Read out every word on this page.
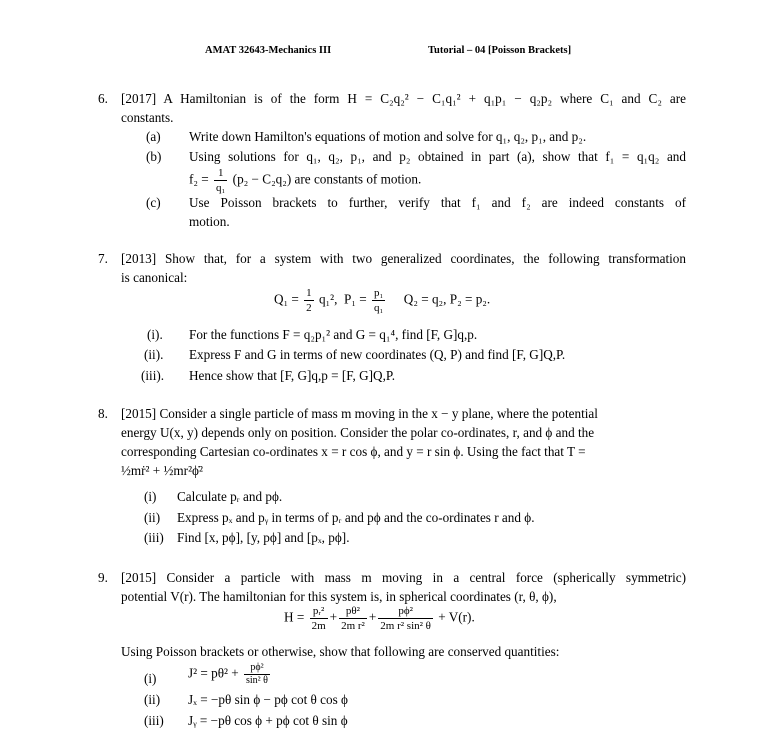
AMAT 32643-Mechanics III	Tutorial – 04 [Poisson Brackets]
6. [2017] A Hamiltonian is of the form H = C₂q₂² − C₁q₁² + q₁p₁ − q₂p₂ where C₁ and C₂ are
constants.
(a) Write down Hamilton's equations of motion and solve for q₁, q₂, p₁, and p₂.
(b) Using solutions for q₁, q₂, p₁, and p₂ obtained in part (a), show that f₁ = q₁q₂ and
$f_2 = \frac{1}{\text{q₁}} (p_2 - C_2q_2)$ are constants of motion.
(c) Use Poisson brackets to further, verify that f₁ and f₂ are indeed constants of
motion.
7. [2013] Show that, for a system with two generalized coordinates, the following transformation
is canonical:
$Q_1 = \frac{1}{2} q_1^2$, $P_1 = \frac{\text{p₁}}{\text{q₁}} Q_2 = q_2$, P₂ = p₂.
(i). For the functions F = q₂p₁² and G = q₁⁴, find [F, G]q,p.
(ii). Express F and G in terms of new coordinates (Q, P) and find [F, G]Q,P.
(iii). Hence show that [F, G]q,p = [F, G]Q,P.
8. [2015] Consider a single particle of mass m moving in the x − y plane, where the potential
energy U(x, y) depends only on position. Consider the polar co-ordinates, r, and ϕ and the
corresponding Cartesian co-ordinates x = r cos ϕ, and y = r sin ϕ. Using the fact that T =
½mṙ² + ½mr²ϕ̇²
(i) Calculate pᵣ and pϕ.
(ii) Express pₓ and pᵧ in terms of pᵣ and pϕ and the co-ordinates r and ϕ.
(iii) Find [x, pϕ], [y, pϕ] and [pₓ, pϕ].
9. [2015] Consider a particle with mass m moving in a central force (spherically symmetric)
potential V(r). The hamiltonian for this system is, in spherical coordinates (r, θ, ϕ),
$H = \frac{\text{pᵣ²}}{2m} + \frac{\text{pθ²}}{\text{2m r²}} + \frac{\text{pϕ²}}{\text{2m r² sin² θ}} + V(r)$.
Using Poisson brackets or otherwise, show that following are conserved quantities:
(i) $J^2 = p\theta^2 + \frac{\text{pϕ²}}{\text{sin² θ}}$
(ii) Jₓ = −pθ sin ϕ − pϕ cot θ cos ϕ
(iii) Jᵧ = −pθ cos ϕ + pϕ cot θ sin ϕ
